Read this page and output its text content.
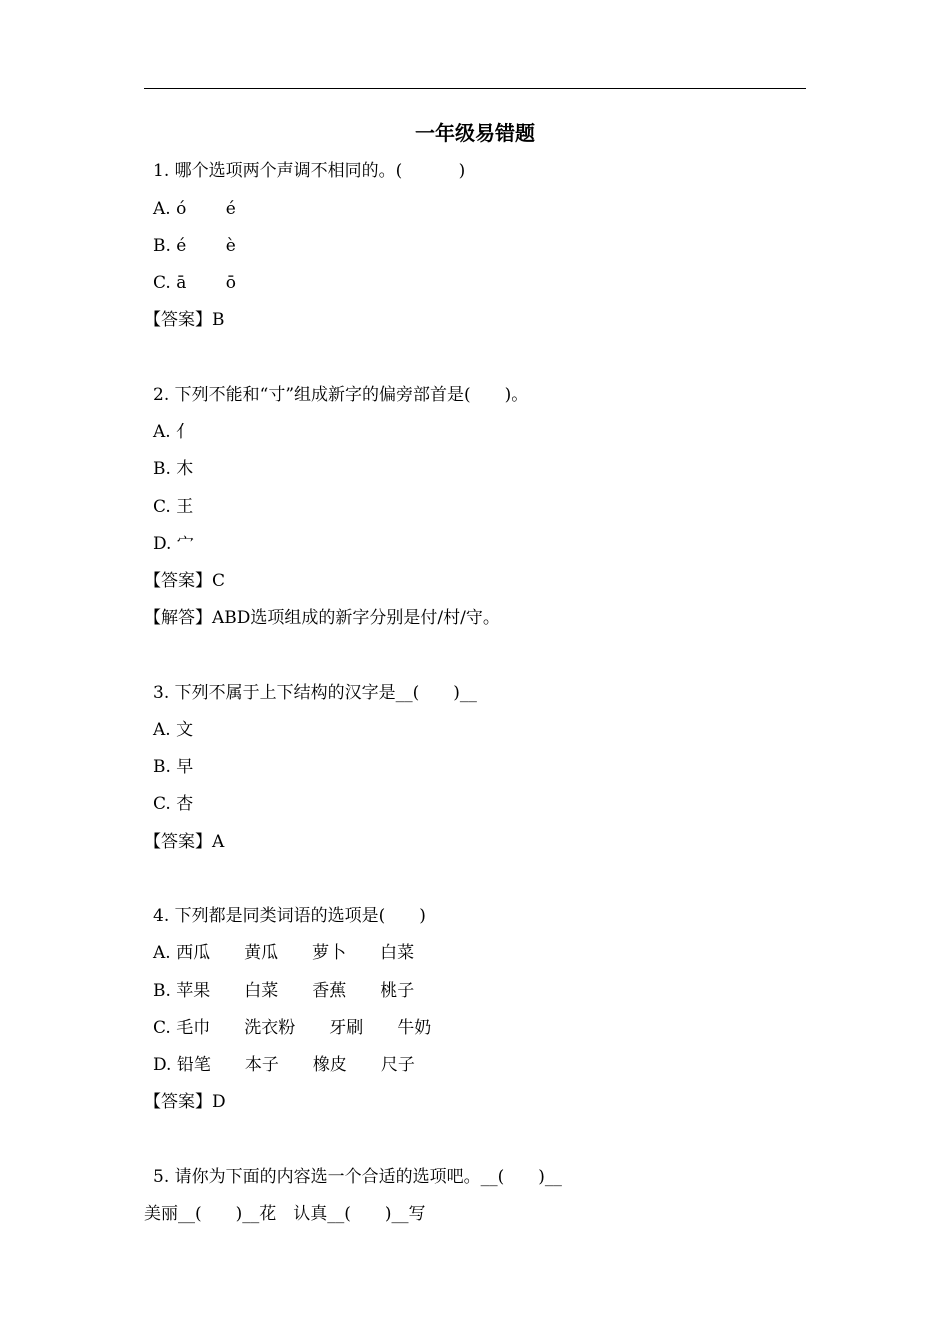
一年级易错题
1. 哪个选项两个声调不相同的。(　　　 )
A. ó　 　é
B. é　 　è
C. ā　 　ō
【答案】B
2. 下列不能和“寸”组成新字的偏旁部首是(　　)。
A. 亻
B. 木
C. 王
D. 宀
【答案】C
【解答】ABD选项组成的新字分别是付/村/守。
3. 下列不属于上下结构的汉字是__(　　)__
A. 文
B. 早
C. 杏
【答案】A
4. 下列都是同类词语的选项是(　　)
A. 西瓜　　黄瓜　　萝卜　　白菜
B. 苹果　　白菜　　香蕉　　桃子
C. 毛巾　　洗衣粉　　牙刷　　牛奶
D. 铅笔　　本子　　橡皮　　尺子
【答案】D
5. 请你为下面的内容选一个合适的选项吧。__(　　)__
美丽__(　　)__花　认真__(　　)__写
